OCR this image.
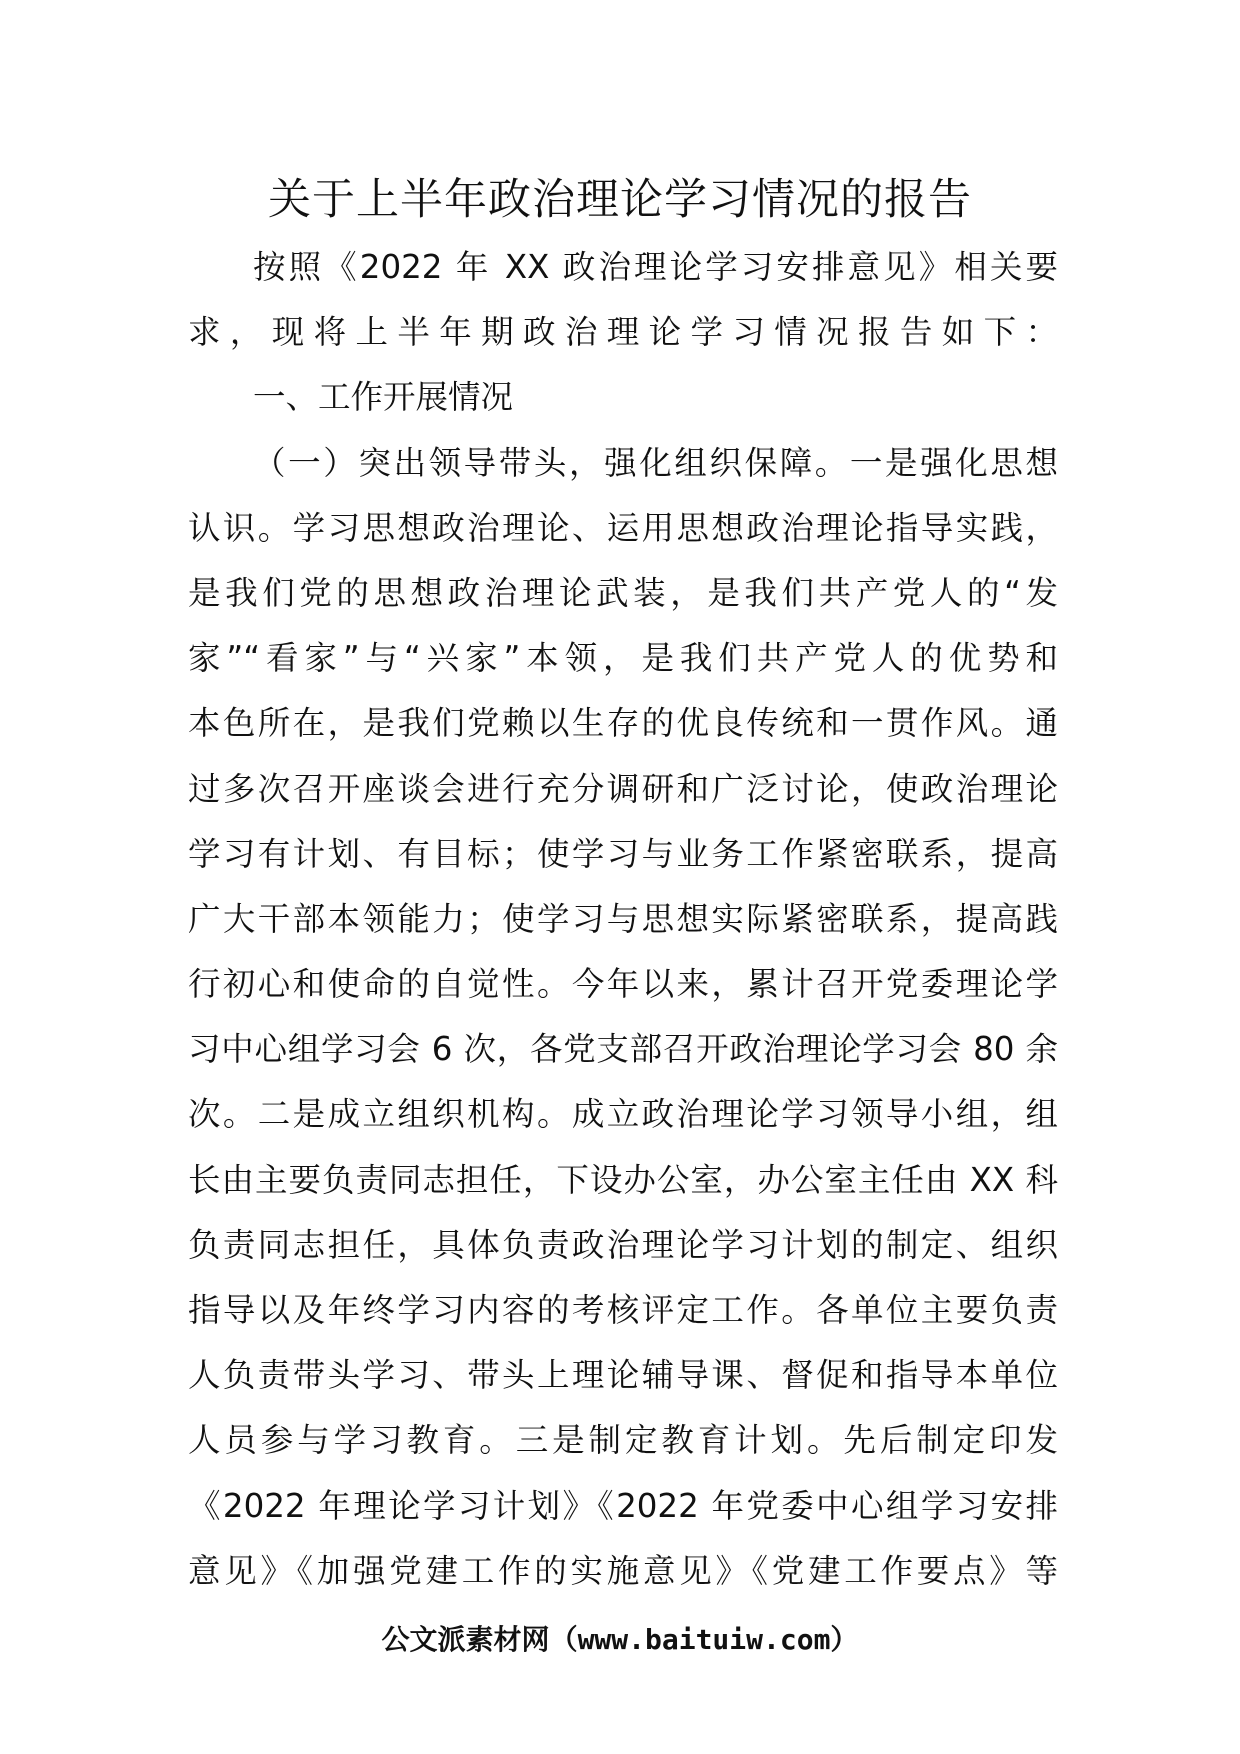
关于上半年政治理论学习情况的报告
按照《2022 年 XX 政治理论学习安排意见》相关要
求，现将上半年期政治理论学习情况报告如下：
一、工作开展情况
（一）突出领导带头，强化组织保障。一是强化思想
认识。学习思想政治理论、运用思想政治理论指导实践，
是我们党的思想政治理论武装，是我们共产党人的“发
家”“看家”与“兴家”本领，是我们共产党人的优势和
本色所在，是我们党赖以生存的优良传统和一贯作风。通
过多次召开座谈会进行充分调研和广泛讨论，使政治理论
学习有计划、有目标；使学习与业务工作紧密联系，提高
广大干部本领能力；使学习与思想实际紧密联系，提高践
行初心和使命的自觉性。今年以来，累计召开党委理论学
习中心组学习会 6 次，各党支部召开政治理论学习会 80 余
次。二是成立组织机构。成立政治理论学习领导小组，组
长由主要负责同志担任，下设办公室，办公室主任由 XX 科
负责同志担任，具体负责政治理论学习计划的制定、组织
指导以及年终学习内容的考核评定工作。各单位主要负责
人负责带头学习、带头上理论辅导课、督促和指导本单位
人员参与学习教育。三是制定教育计划。先后制定印发
《2022 年理论学习计划》《2022 年党委中心组学习安排
意见》《加强党建工作的实施意见》《党建工作要点》等
公文派素材网（www.baituiw.com）
